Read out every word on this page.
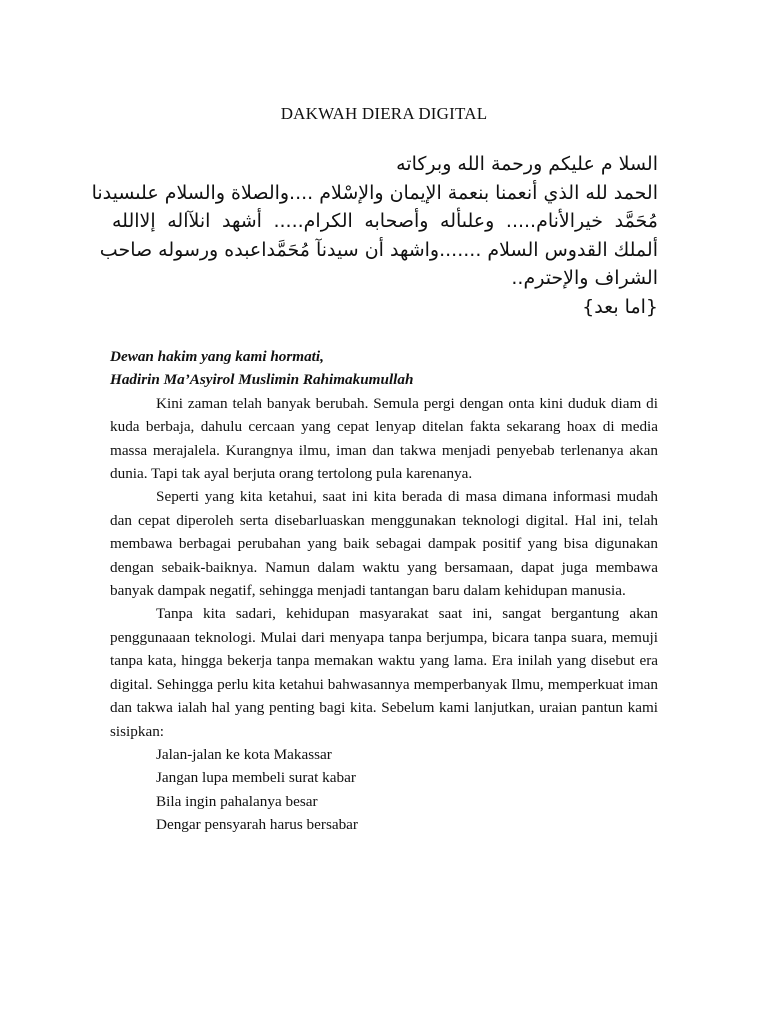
DAKWAH DIERA DIGITAL
السلا م عليكم ورحمة الله وبركاته
الحمد لله الذي أنعمنا بنعمة الإيمان والإسْلام ....والصلاة والسلام علىسيدنا
مُحَمَّد خيرالأنام..... وعلىأله وأصحابه الكرام..... أشهد انلآاله إلاالله
ألملك القدوس السلام .......واشهد أن سيدنآ مُحَمَّداعبده ورسوله صاحب
الشراف والإحترم..
{اما بعد}
Dewan hakim yang kami hormati,
Hadirin Ma’Asyirol Muslimin Rahimakumullah

Kini zaman telah banyak berubah. Semula pergi dengan onta kini duduk diam di kuda berbaja, dahulu cercaan yang cepat lenyap ditelan fakta sekarang hoax di media massa merajalela. Kurangnya ilmu, iman dan takwa menjadi penyebab terlenanya akan dunia. Tapi tak ayal berjuta orang tertolong pula karenanya.

Seperti yang kita ketahui, saat ini kita berada di masa dimana informasi mudah dan cepat diperoleh serta disebarluaskan menggunakan teknologi digital. Hal ini, telah membawa berbagai perubahan yang baik sebagai dampak positif yang bisa digunakan dengan sebaik-baiknya. Namun dalam waktu yang bersamaan, dapat juga membawa banyak dampak negatif, sehingga menjadi tantangan baru dalam kehidupan manusia.

Tanpa kita sadari, kehidupan masyarakat saat ini, sangat bergantung akan penggunaaan teknologi. Mulai dari menyapa tanpa berjumpa, bicara tanpa suara, memuji tanpa kata, hingga bekerja tanpa memakan waktu yang lama. Era inilah yang disebut era digital. Sehingga perlu kita ketahui bahwasannya memperbanyak Ilmu, memperkuat iman dan takwa ialah hal yang penting bagi kita. Sebelum kami lanjutkan, uraian pantun kami sisipkan:

Jalan-jalan ke kota Makassar
Jangan lupa membeli surat kabar
Bila ingin pahalanya besar
Dengar pensyarah harus bersabar
